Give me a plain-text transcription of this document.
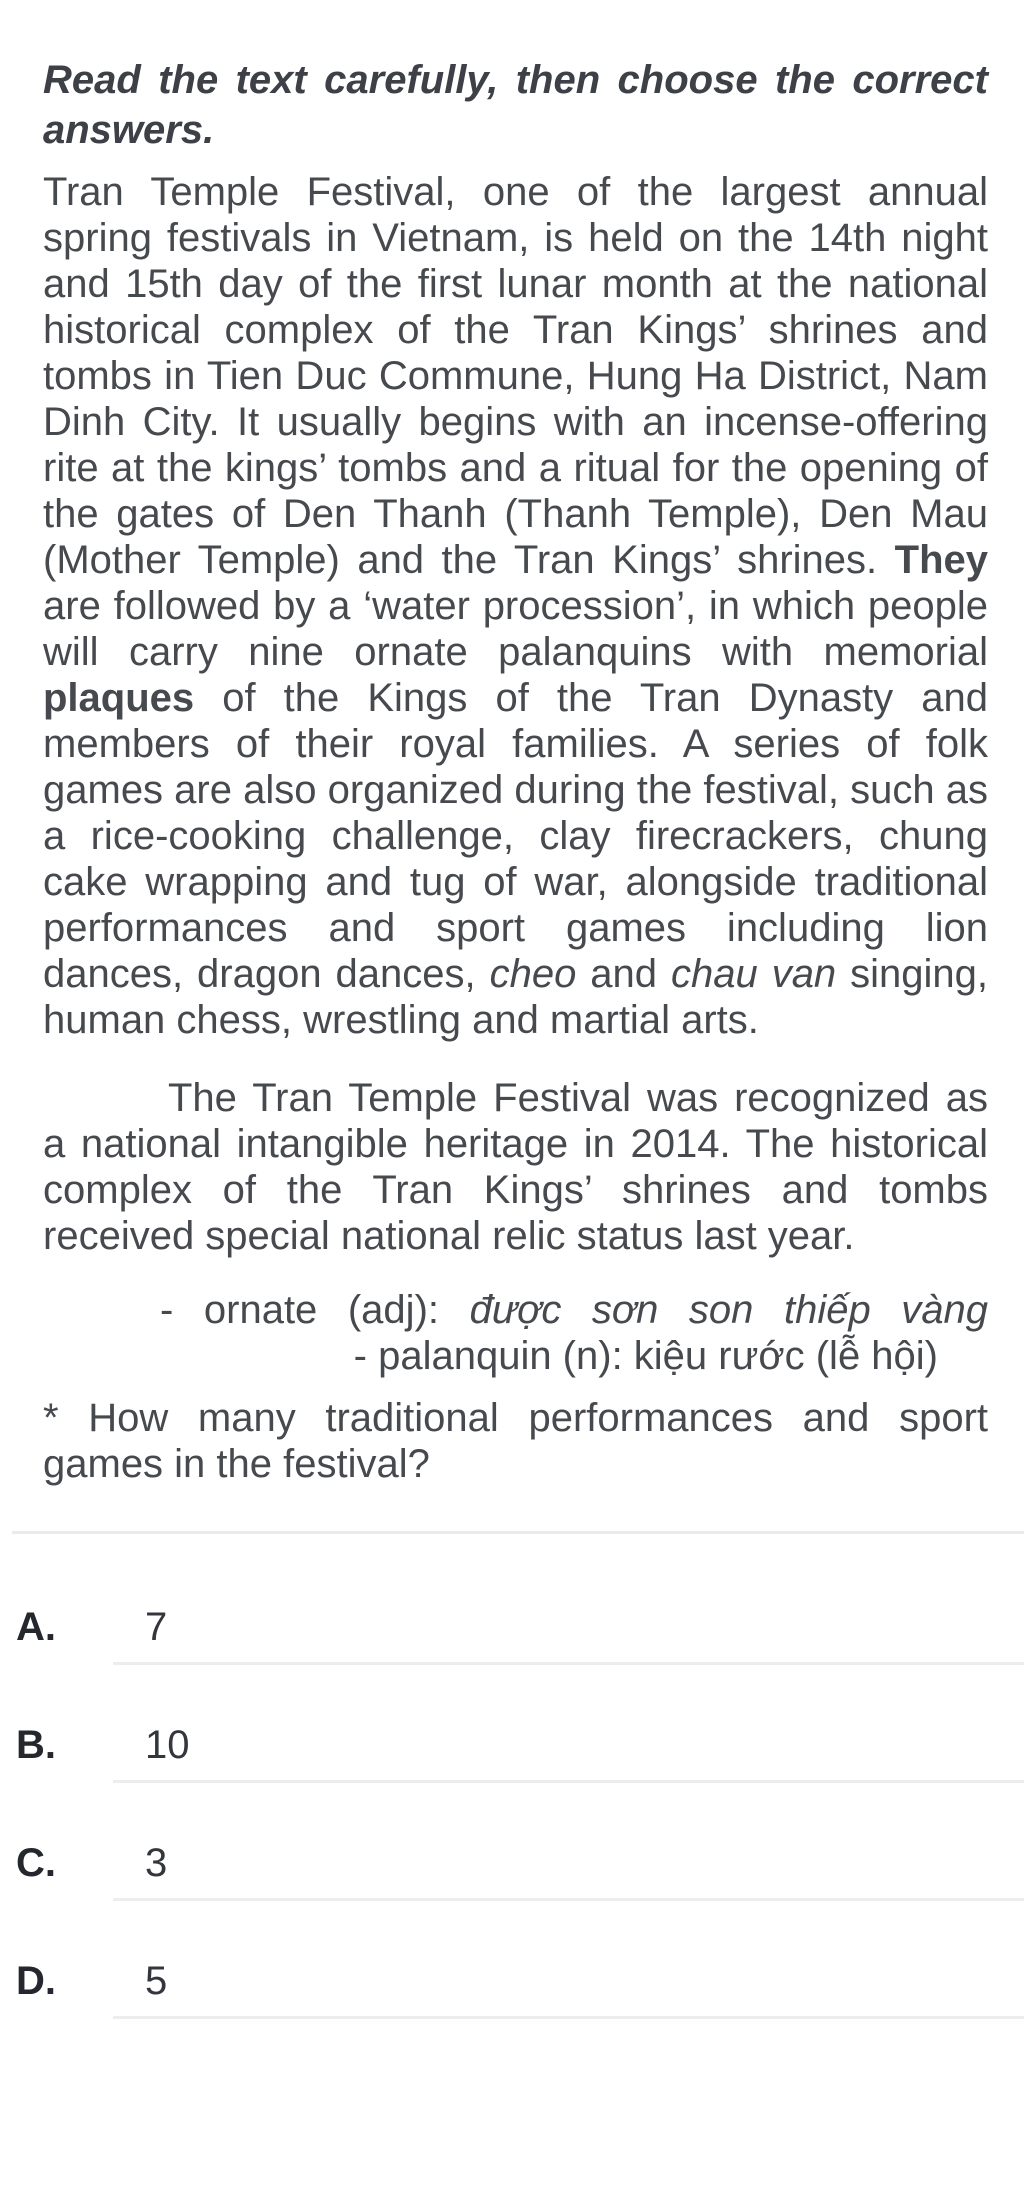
Read the text carefully, then choose the correct answers.

Tran Temple Festival, one of the largest annual spring festivals in Vietnam, is held on the 14th night and 15th day of the first lunar month at the national historical complex of the Tran Kings’ shrines and tombs in Tien Duc Commune, Hung Ha District, Nam Dinh City. It usually begins with an incense-offering rite at the kings’ tombs and a ritual for the opening of the gates of Den Thanh (Thanh Temple), Den Mau (Mother Temple) and the Tran Kings’ shrines. They are followed by a ‘water procession’, in which people will carry nine ornate palanquins with memorial plaques of the Kings of the Tran Dynasty and members of their royal families. A series of folk games are also organized during the festival, such as a rice-cooking challenge, clay firecrackers, chung cake wrapping and tug of war, alongside traditional performances and sport games including lion dances, dragon dances, cheo and chau van singing, human chess, wrestling and martial arts.

The Tran Temple Festival was recognized as a national intangible heritage in 2014. The historical complex of the Tran Kings’ shrines and tombs received special national relic status last year.

- ornate (adj): được sơn son thiếp vàng

- palanquin (n): kiệu rước (lễ hội)

* How many traditional performances and sport games in the festival?

A.	7
B.	10
C.	3
D.	5
